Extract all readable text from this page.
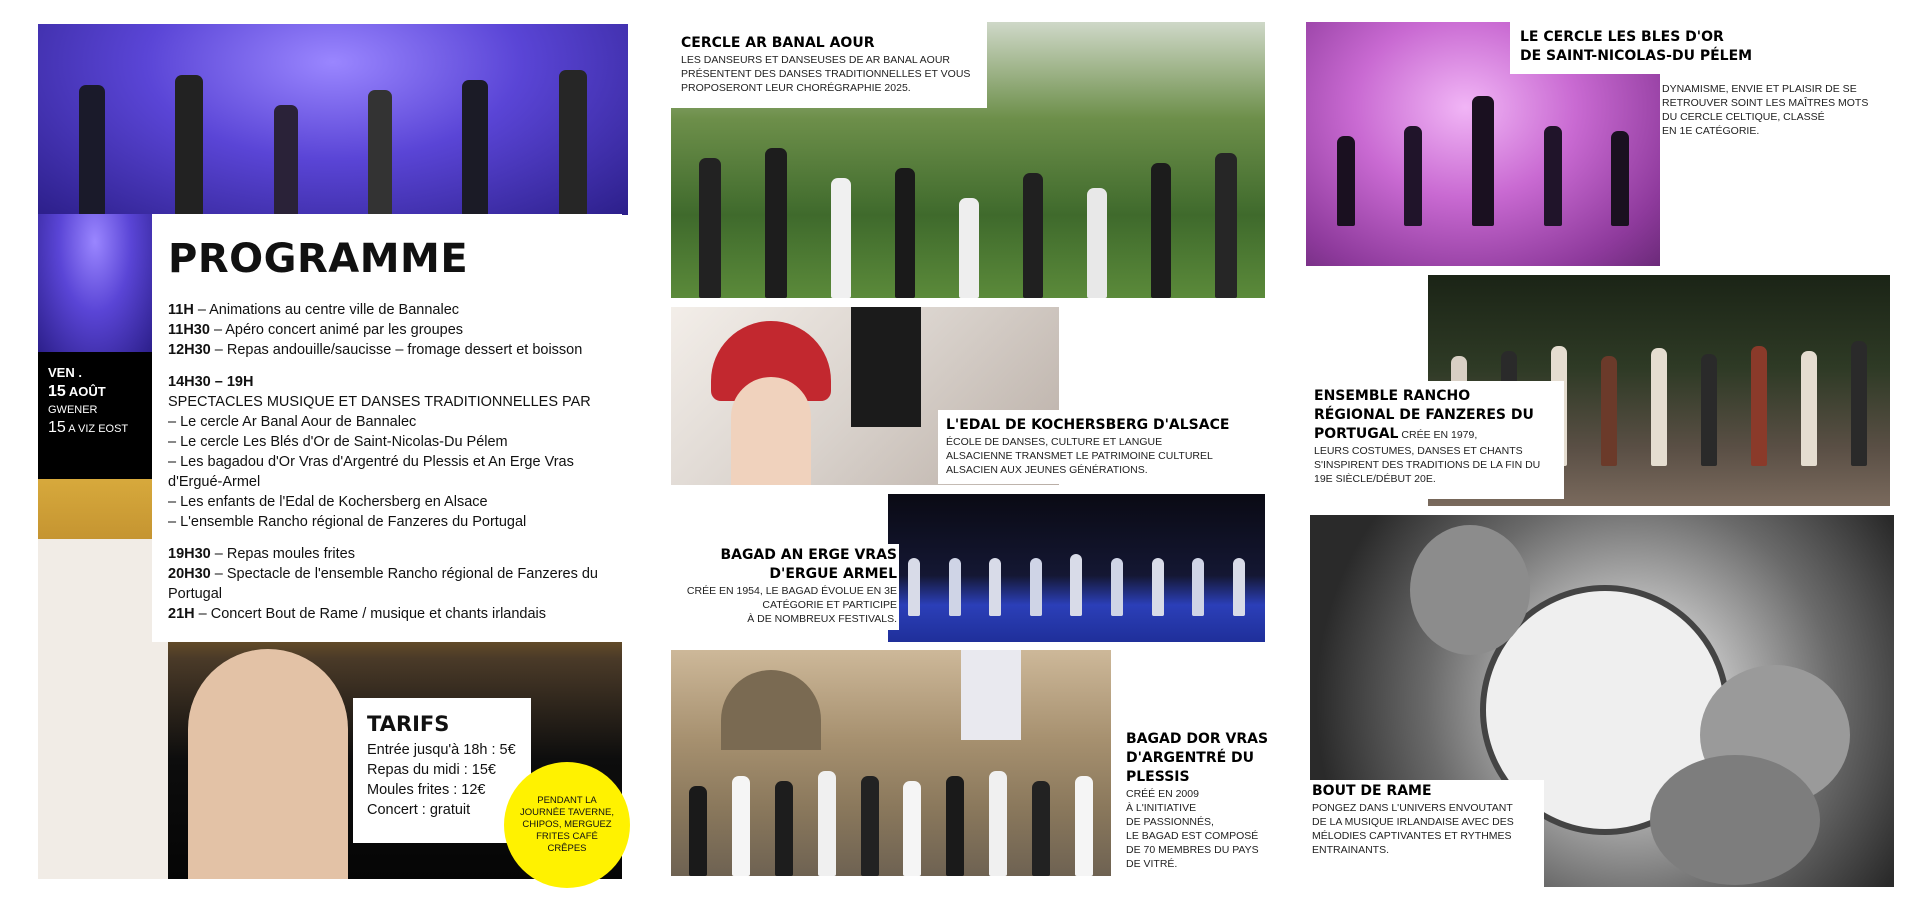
VEN .
15 AOÛT
GWENER
15 A VIZ EOST
PROGRAMME
11H – Animations au centre ville de Bannalec
11H30 – Apéro concert animé par les groupes
12H30 – Repas andouille/saucisse – fromage dessert et boisson
14H30 – 19H
SPECTACLES MUSIQUE ET DANSES TRADITIONNELLES PAR
– Le cercle Ar Banal Aour de Bannalec
– Le cercle Les Blés d'Or de Saint-Nicolas-Du Pélem
– Les bagadou d'Or Vras d'Argentré du Plessis et An Erge Vras
d'Ergué-Armel
– Les enfants de l'Edal de Kochersberg en Alsace
– L'ensemble Rancho régional de Fanzeres du Portugal
19H30 – Repas moules frites
20H30 – Spectacle de l'ensemble Rancho régional de Fanzeres du
Portugal
21H – Concert Bout de Rame / musique et chants irlandais
TARIFS
Entrée jusqu'à 18h : 5€
Repas du midi : 15€
Moules frites : 12€
Concert : gratuit
PENDANT LA JOURNÉE TAVERNE, CHIPOS, MERGUEZ FRITES CAFÉ CRÊPES
CERCLE AR BANAL AOUR
LES DANSEURS ET DANSEUSES DE AR BANAL AOUR PRÉSENTENT DES DANSES TRADITIONNELLES ET VOUS PROPOSERONT LEUR CHORÉGRAPHIE 2025.
L'EDAL DE KOCHERSBERG D'ALSACE
ÉCOLE DE DANSES, CULTURE ET LANGUE ALSACIENNE TRANSMET LE PATRIMOINE CULTUREL ALSACIEN AUX JEUNES GÉNÉRATIONS.
BAGAD AN ERGE VRAS
D'ERGUE ARMEL
CRÉE EN 1954, LE BAGAD ÉVOLUE EN 3E
CATÉGORIE ET PARTICIPE
À DE NOMBREUX FESTIVALS.
BAGAD DOR VRAS
D'ARGENTRÉ DU
PLESSIS
CRÉÉ EN 2009
À L'INITIATIVE
DE PASSIONNÉS,
LE BAGAD EST COMPOSÉ
DE 70 MEMBRES DU PAYS
DE VITRÉ.
LE CERCLE LES BLES D'OR
DE SAINT-NICOLAS-DU PÉLEM
DYNAMISME, ENVIE ET PLAISIR DE SE
RETROUVER SOINT LES MAÎTRES MOTS
DU CERCLE CELTIQUE, CLASSÉ
EN 1E CATÉGORIE.
ENSEMBLE RANCHO
RÉGIONAL DE FANZERES DU
PORTUGAL CRÉE EN 1979,
LEURS COSTUMES, DANSES ET CHANTS
S'INSPIRENT DES TRADITIONS DE LA FIN DU
19E SIÈCLE/DÉBUT 20E.
BOUT DE RAME
PONGEZ DANS L'UNIVERS ENVOUTANT
DE LA MUSIQUE IRLANDAISE AVEC DES
MÉLODIES CAPTIVANTES ET RYTHMES
ENTRAINANTS.
